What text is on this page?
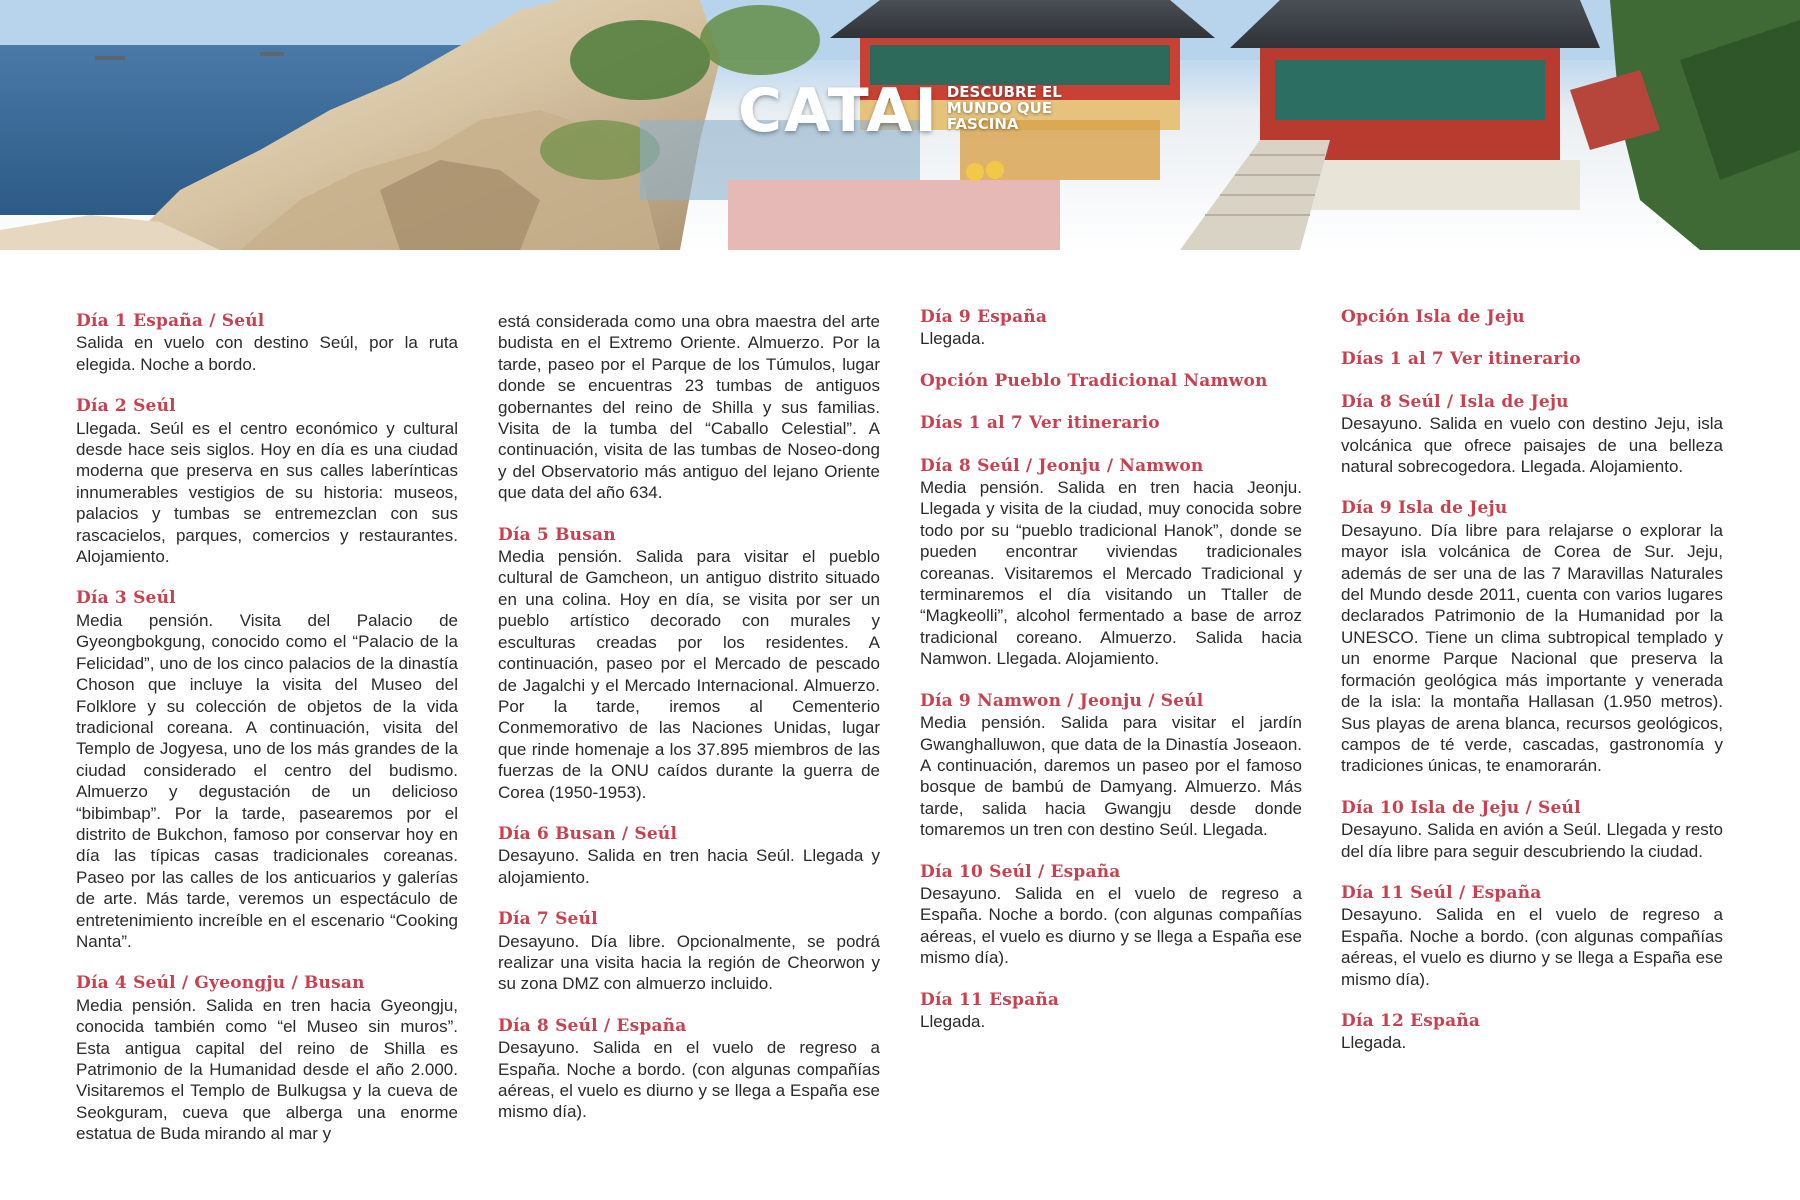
CATAI DESCUBRE EL MUNDO QUE FASCINA
Día 1 España / Seúl
Salida en vuelo con destino Seúl, por la ruta elegida. Noche a bordo.
Día 2 Seúl
Llegada. Seúl es el centro económico y cultural desde hace seis siglos. Hoy en día es una ciudad moderna que preserva en sus calles laberínticas innumerables vestigios de su historia: museos, palacios y tumbas se entremezclan con sus rascacielos, parques, comercios y restaurantes. Alojamiento.
Día 3 Seúl
Media pensión. Visita del Palacio de Gyeongbokgung, conocido como el “Palacio de la Felicidad”, uno de los cinco palacios de la dinastía Choson que incluye la visita del Museo del Folklore y su colección de objetos de la vida tradicional coreana. A continuación, visita del Templo de Jogyesa, uno de los más grandes de la ciudad considerado el centro del budismo. Almuerzo y degustación de un delicioso “bibimbap”. Por la tarde, pasearemos por el distrito de Bukchon, famoso por conservar hoy en día las típicas casas tradicionales coreanas. Paseo por las calles de los anticuarios y galerías de arte. Más tarde, veremos un espectáculo de entretenimiento increíble en el escenario “Cooking Nanta”.
Día 4 Seúl / Gyeongju / Busan
Media pensión. Salida en tren hacia Gyeongju, conocida también como “el Museo sin muros”. Esta antigua capital del reino de Shilla es Patrimonio de la Humanidad desde el año 2.000. Visitaremos el Templo de Bulkugsa y la cueva de Seokguram, cueva que alberga una enorme estatua de Buda mirando al mar y
está considerada como una obra maestra del arte budista en el Extremo Oriente. Almuerzo. Por la tarde, paseo por el Parque de los Túmulos, lugar donde se encuentras 23 tumbas de antiguos gobernantes del reino de Shilla y sus familias. Visita de la tumba del “Caballo Celestial”. A continuación, visita de las tumbas de Noseo-dong y del Observatorio más antiguo del lejano Oriente que data del año 634.
Día 5 Busan
Media pensión. Salida para visitar el pueblo cultural de Gamcheon, un antiguo distrito situado en una colina. Hoy en día, se visita por ser un pueblo artístico decorado con murales y esculturas creadas por los residentes. A continuación, paseo por el Mercado de pescado de Jagalchi y el Mercado Internacional. Almuerzo. Por la tarde, iremos al Cementerio Conmemorativo de las Naciones Unidas, lugar que rinde homenaje a los 37.895 miembros de las fuerzas de la ONU caídos durante la guerra de Corea (1950-1953).
Día 6 Busan / Seúl
Desayuno. Salida en tren hacia Seúl. Llegada y alojamiento.
Día 7 Seúl
Desayuno. Día libre. Opcionalmente, se podrá realizar una visita hacia la región de Cheorwon y su zona DMZ con almuerzo incluido.
Día 8 Seúl / España
Desayuno. Salida en el vuelo de regreso a España. Noche a bordo. (con algunas compañías aéreas, el vuelo es diurno y se llega a España ese mismo día).
Día 9 España
Llegada.
Opción Pueblo Tradicional Namwon
Días 1 al 7 Ver itinerario
Día 8 Seúl / Jeonju / Namwon
Media pensión. Salida en tren hacia Jeonju. Llegada y visita de la ciudad, muy conocida sobre todo por su “pueblo tradicional Hanok”, donde se pueden encontrar viviendas tradicionales coreanas. Visitaremos el Mercado Tradicional y terminaremos el día visitando un Ttaller de “Magkeolli”, alcohol fermentado a base de arroz tradicional coreano. Almuerzo. Salida hacia Namwon. Llegada. Alojamiento.
Día 9 Namwon / Jeonju / Seúl
Media pensión. Salida para visitar el jardín Gwanghalluwon, que data de la Dinastía Joseaon. A continuación, daremos un paseo por el famoso bosque de bambú de Damyang. Almuerzo. Más tarde, salida hacia Gwangju desde donde tomaremos un tren con destino Seúl. Llegada.
Día 10 Seúl / España
Desayuno. Salida en el vuelo de regreso a España. Noche a bordo. (con algunas compañías aéreas, el vuelo es diurno y se llega a España ese mismo día).
Día 11 España
Llegada.
Opción Isla de Jeju
Días 1 al 7 Ver itinerario
Día 8 Seúl / Isla de Jeju
Desayuno. Salida en vuelo con destino Jeju, isla volcánica que ofrece paisajes de una belleza natural sobrecogedora. Llegada. Alojamiento.
Día 9 Isla de Jeju
Desayuno. Día libre para relajarse o explorar la mayor isla volcánica de Corea de Sur. Jeju, además de ser una de las 7 Maravillas Naturales del Mundo desde 2011, cuenta con varios lugares declarados Patrimonio de la Humanidad por la UNESCO. Tiene un clima subtropical templado y un enorme Parque Nacional que preserva la formación geológica más importante y venerada de la isla: la montaña Hallasan (1.950 metros). Sus playas de arena blanca, recursos geológicos, campos de té verde, cascadas, gastronomía y tradiciones únicas, te enamorarán.
Día 10 Isla de Jeju / Seúl
Desayuno. Salida en avión a Seúl. Llegada y resto del día libre para seguir descubriendo la ciudad.
Día 11 Seúl / España
Desayuno. Salida en el vuelo de regreso a España. Noche a bordo. (con algunas compañías aéreas, el vuelo es diurno y se llega a España ese mismo día).
Día 12 España
Llegada.
